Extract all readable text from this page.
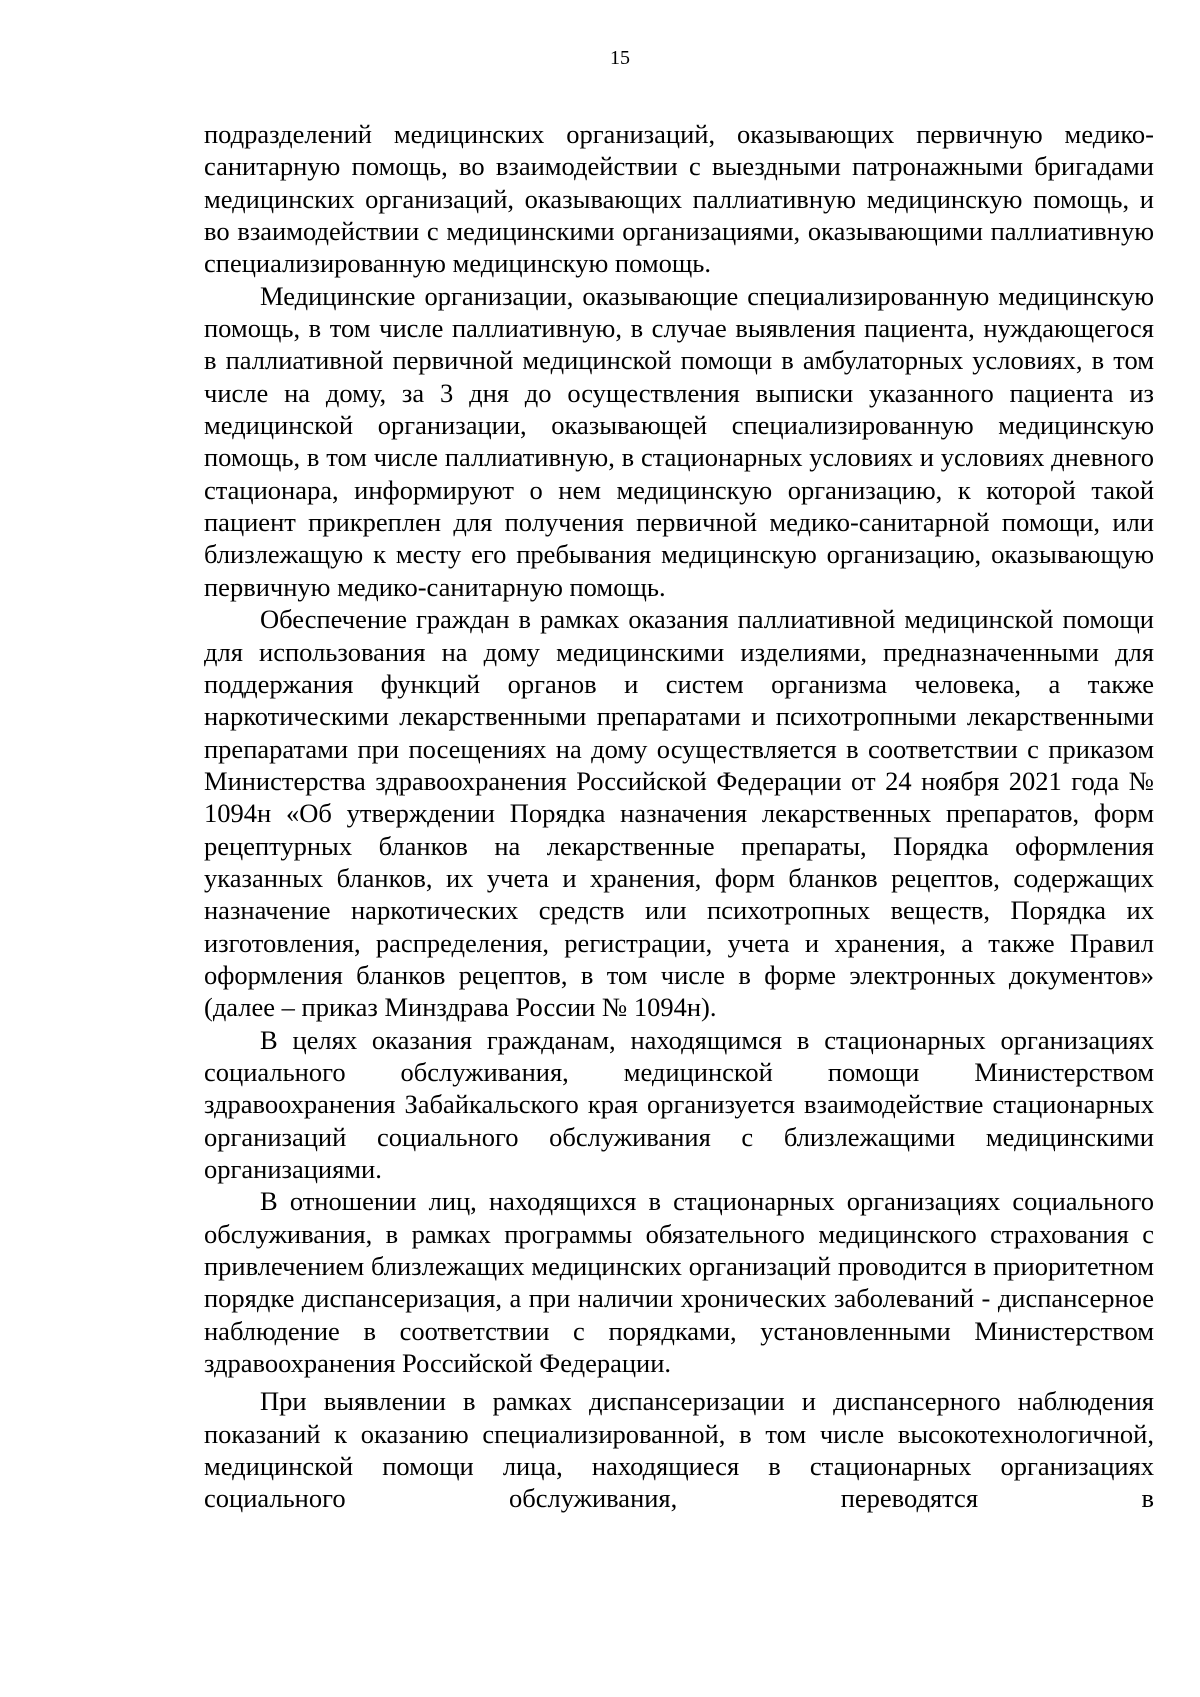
15

подразделений медицинских организаций, оказывающих первичную медико-санитарную помощь, во взаимодействии с выездными патронажными бригадами медицинских организаций, оказывающих паллиативную медицинскую помощь, и во взаимодействии с медицинскими организациями, оказывающими паллиативную специализированную медицинскую помощь.

Медицинские организации, оказывающие специализированную медицинскую помощь, в том числе паллиативную, в случае выявления пациента, нуждающегося в паллиативной первичной медицинской помощи в амбулаторных условиях, в том числе на дому, за 3 дня до осуществления выписки указанного пациента из медицинской организации, оказывающей специализированную медицинскую помощь, в том числе паллиативную, в стационарных условиях и условиях дневного стационара, информируют о нем медицинскую организацию, к которой такой пациент прикреплен для получения первичной медико-санитарной помощи, или близлежащую к месту его пребывания медицинскую организацию, оказывающую первичную медико-санитарную помощь.

Обеспечение граждан в рамках оказания паллиативной медицинской помощи для использования на дому медицинскими изделиями, предназначенными для поддержания функций органов и систем организма человека, а также наркотическими лекарственными препаратами и психотропными лекарственными препаратами при посещениях на дому осуществляется в соответствии с приказом Министерства здравоохранения Российской Федерации от 24 ноября 2021 года № 1094н «Об утверждении Порядка назначения лекарственных препаратов, форм рецептурных бланков на лекарственные препараты, Порядка оформления указанных бланков, их учета и хранения, форм бланков рецептов, содержащих назначение наркотических средств или психотропных веществ, Порядка их изготовления, распределения, регистрации, учета и хранения, а также Правил оформления бланков рецептов, в том числе в форме электронных документов» (далее – приказ Минздрава России № 1094н).

В целях оказания гражданам, находящимся в стационарных организациях социального обслуживания, медицинской помощи Министерством здравоохранения Забайкальского края организуется взаимодействие стационарных организаций социального обслуживания с близлежащими медицинскими организациями.

В отношении лиц, находящихся в стационарных организациях социального обслуживания, в рамках программы обязательного медицинского страхования с привлечением близлежащих медицинских организаций проводится в приоритетном порядке диспансеризация, а при наличии хронических заболеваний - диспансерное наблюдение в соответствии с порядками, установленными Министерством здравоохранения Российской Федерации.

При выявлении в рамках диспансеризации и диспансерного наблюдения показаний к оказанию специализированной, в том числе высокотехнологичной, медицинской помощи лица, находящиеся в стационарных организациях социального обслуживания, переводятся в
